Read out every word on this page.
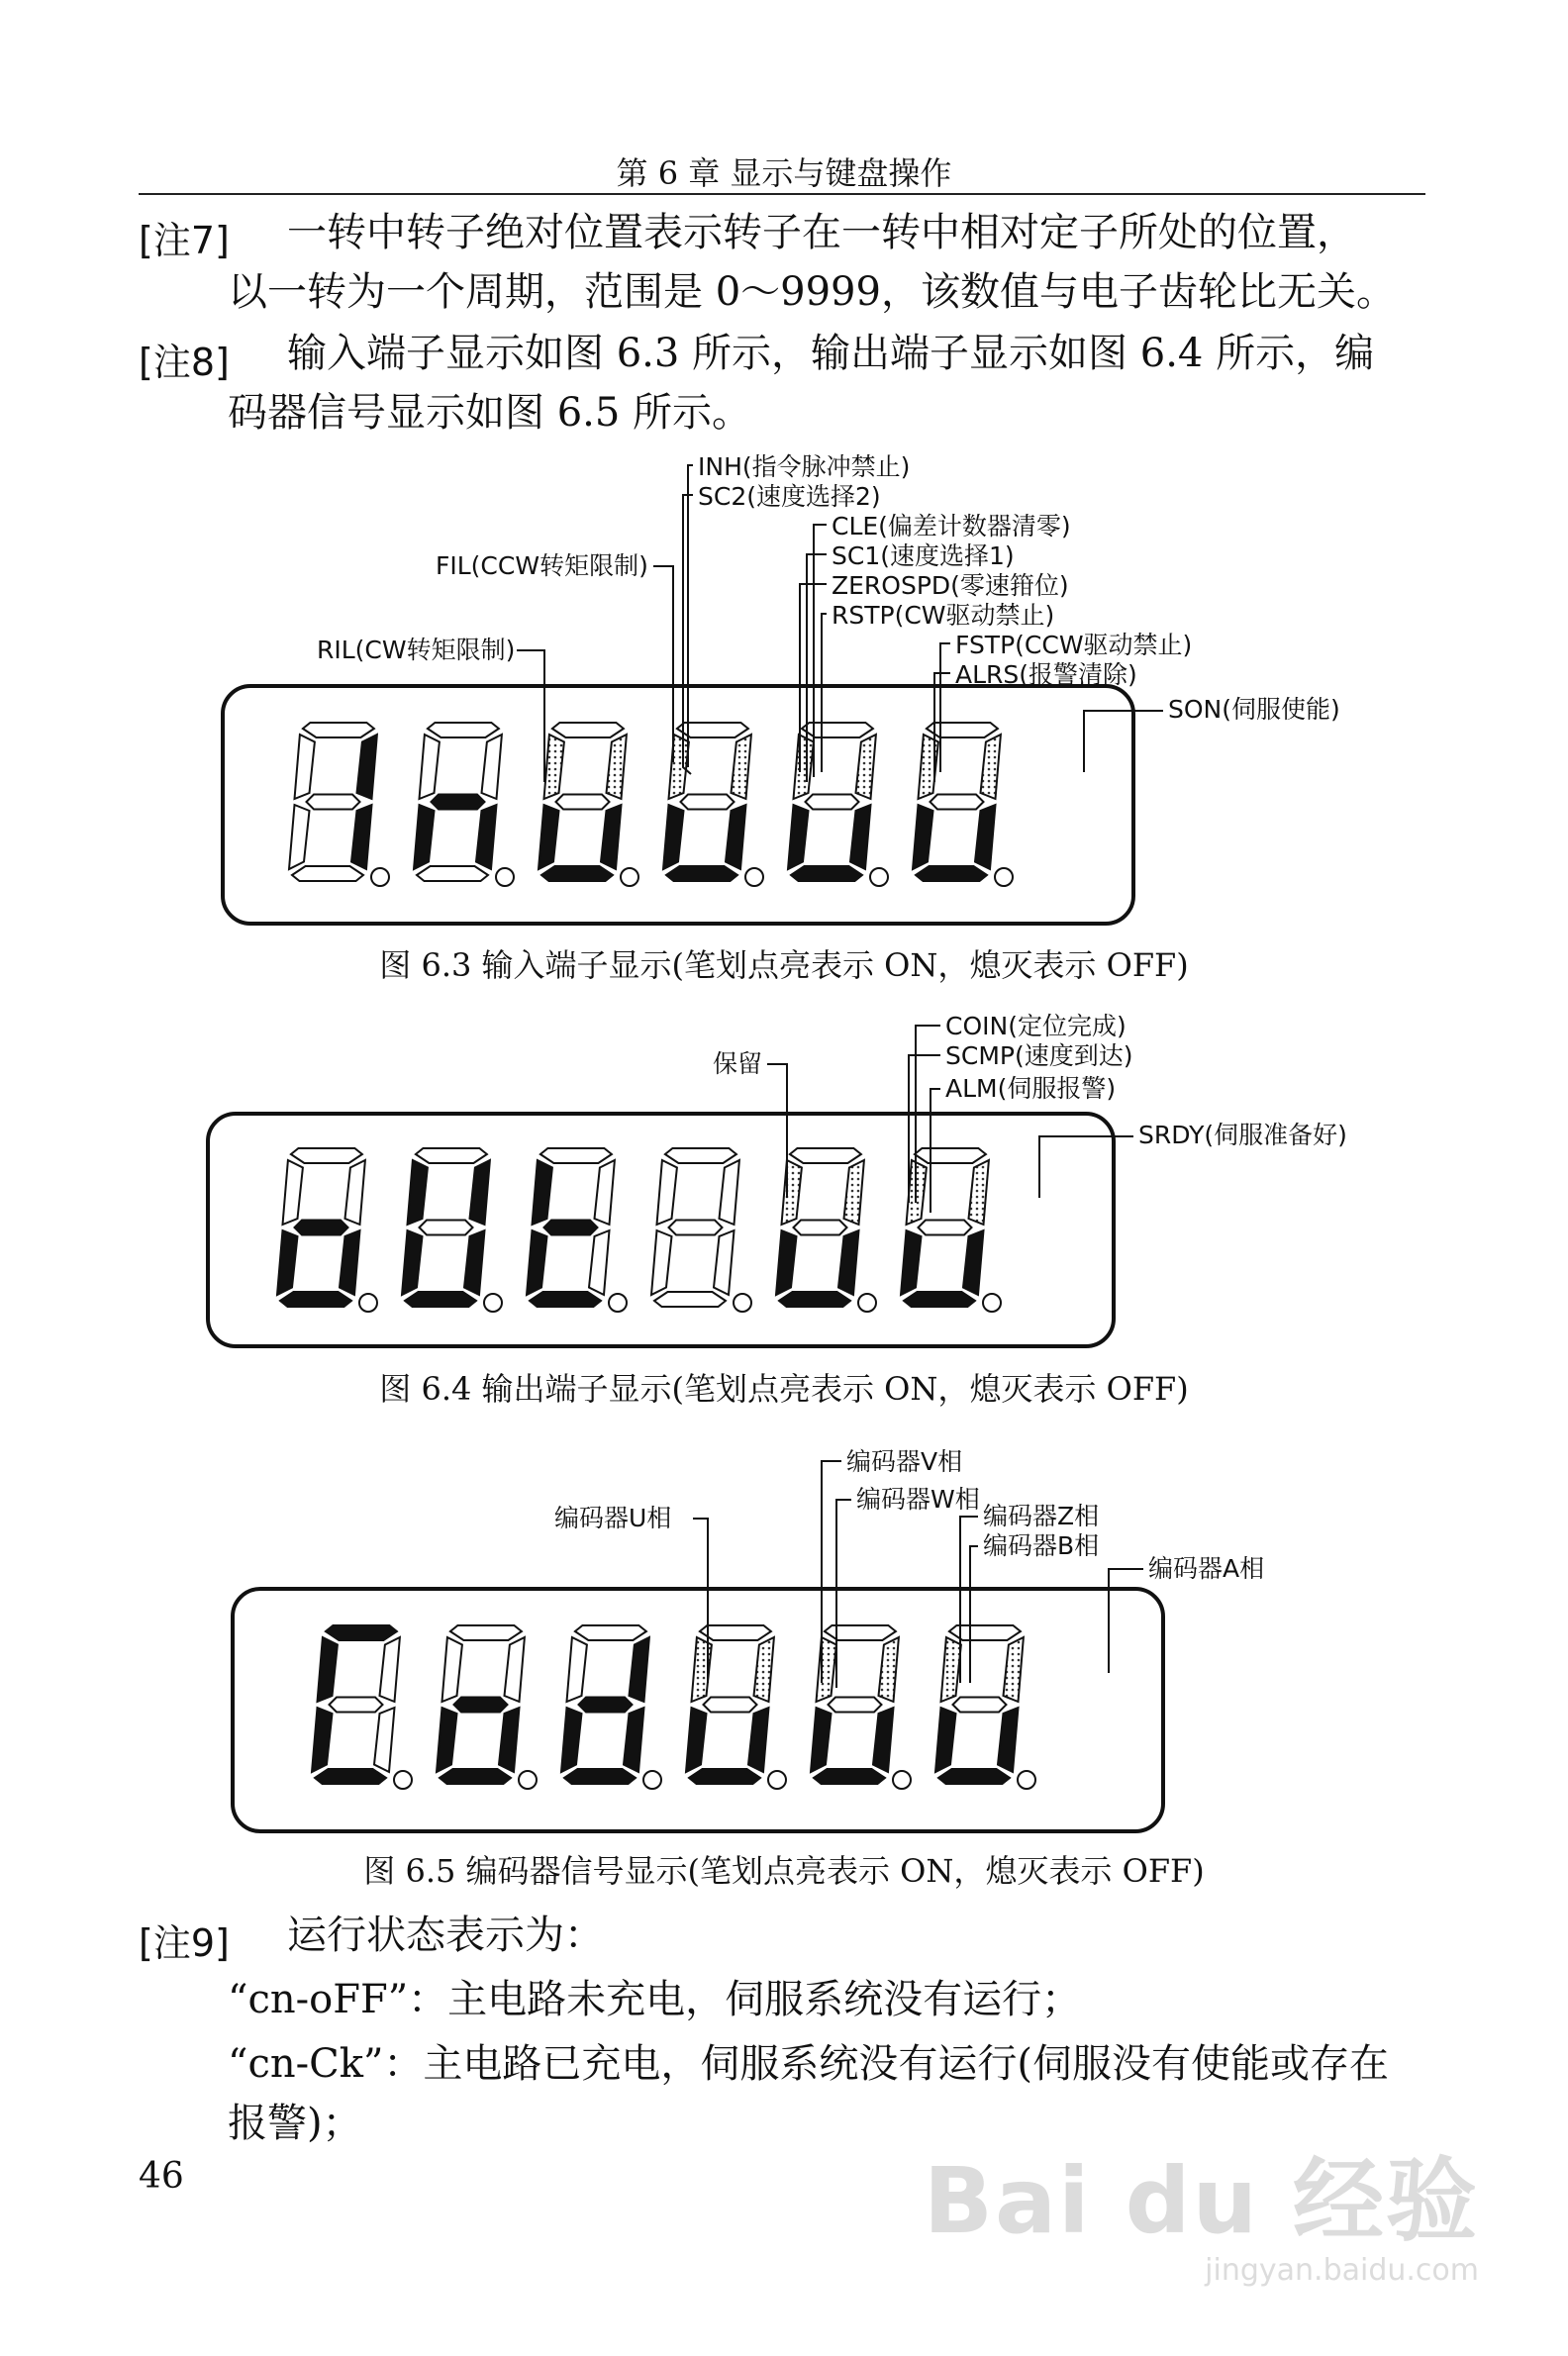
第 6 章 显示与键盘操作
[注7] 一转中转子绝对位置表示转子在一转中相对定子所处的位置，
以一转为一个周期，范围是 0～9999，该数值与电子齿轮比无关。
[注8] 输入端子显示如图 6.3 所示，输出端子显示如图 6.4 所示，编
码器信号显示如图 6.5 所示。
INH(指令脉冲禁止)
SC2(速度选择2)
CLE(偏差计数器清零)
SC1(速度选择1)
ZEROSPD(零速箝位)
RSTP(CW驱动禁止)
FSTP(CCW驱动禁止)
ALRS(报警清除)
SON(伺服使能)
FIL(CCW转矩限制)
RIL(CW转矩限制)
COIN(定位完成)
SCMP(速度到达)
ALM(伺服报警)
保留
SRDY(伺服准备好)
编码器V相
编码器W相
编码器U相	编码器Z相
编码器B相
编码器A相
图 6.3 输入端子显示(笔划点亮表示 ON，熄灭表示 OFF)
图 6.4 输出端子显示(笔划点亮表示 ON，熄灭表示 OFF)
图 6.5 编码器信号显示(笔划点亮表示 ON，熄灭表示 OFF)
[注9] 运行状态表示为：
“cn-oFF”：主电路未充电，伺服系统没有运行；
“cn-Ck”：主电路已充电，伺服系统没有运行(伺服没有使能或存在
报警)；
46	Bai du 经验
jingyan.baidu.com
